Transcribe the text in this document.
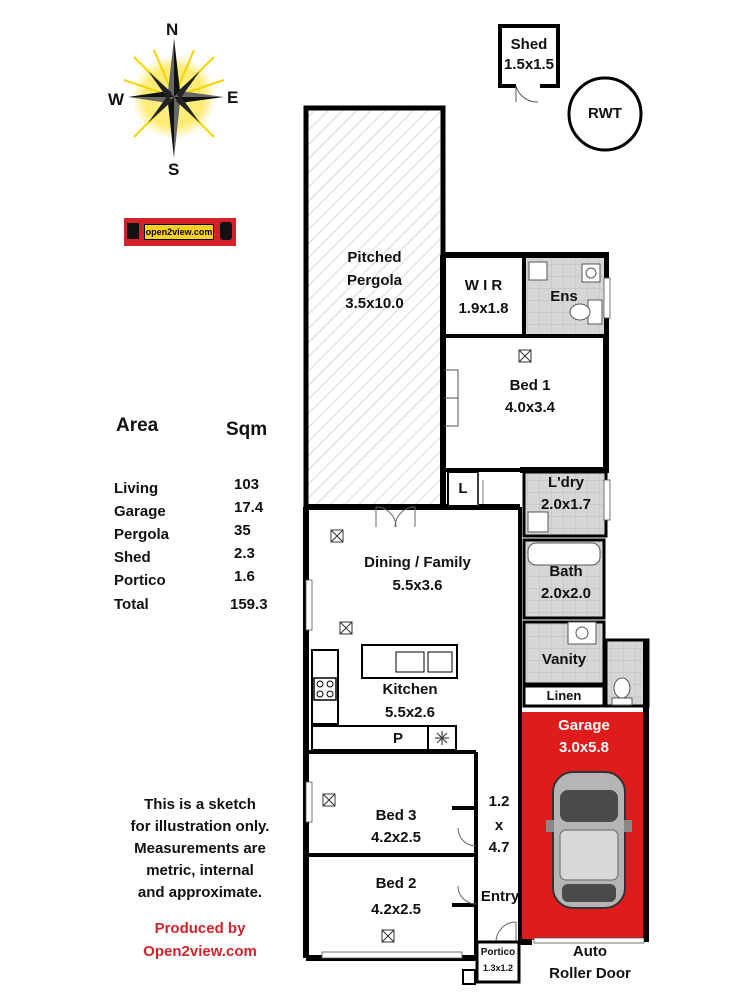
N
S
E
W
open2view.com
Shed
1.5x1.5
RWT
Pitched
Pergola
3.5x10.0
W I R
1.9x1.8
Ens
Bed 1
4.0x3.4
L	L'dry
2.0x1.7
Dining / Family
5.5x3.6
Bath
2.0x2.0
Vanity
Linen
Kitchen
5.5x2.6
P
Garage
3.0x5.8
Bed 3
4.2x2.5
1.2
x
4.7
Bed 2
4.2x2.5
Entry
Portico
1.3x1.2
Auto
Roller Door
Area	Sqm
Living	103
Garage	17.4
Pergola	35
Shed	2.3
Portico	1.6
Total	159.3
This is a sketch
for illustration only.
Measurements are
metric, internal
and approximate.
Produced by
Open2view.com
